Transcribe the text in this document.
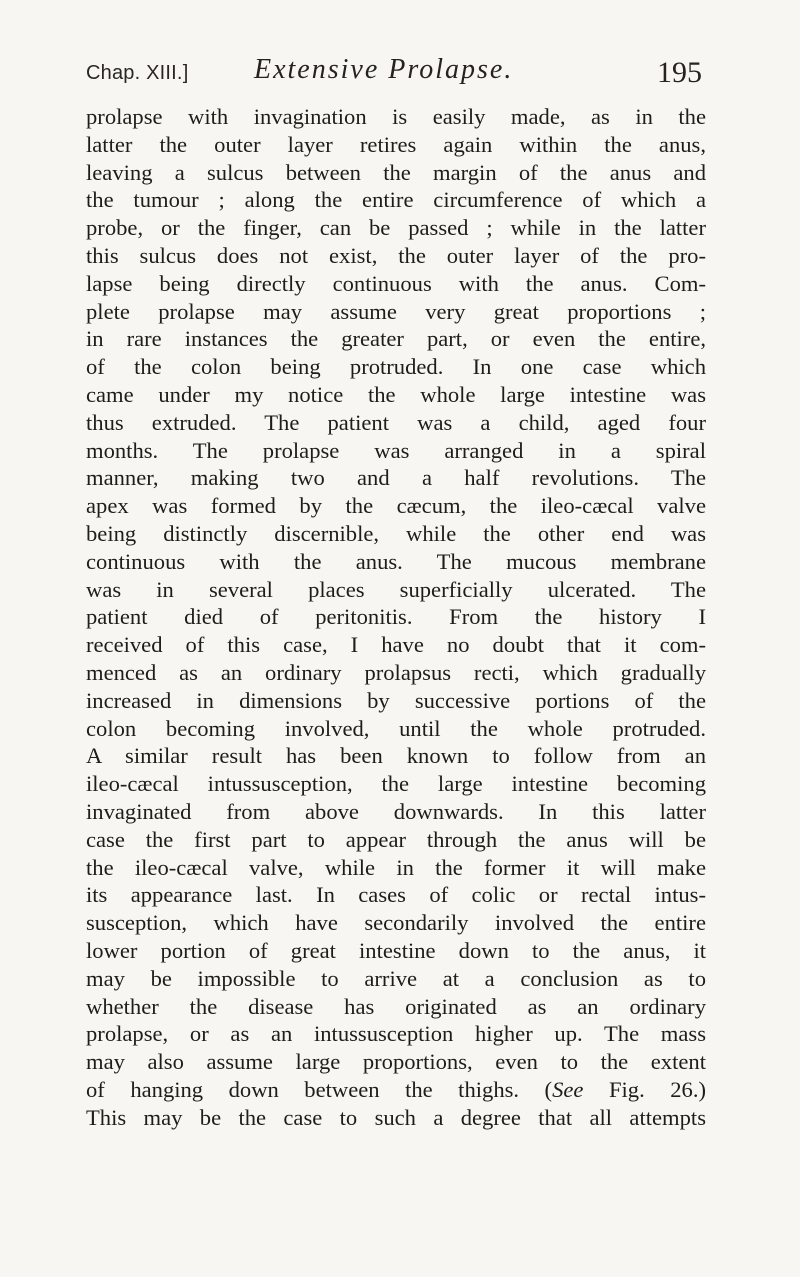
Chap. XIII.] Extensive Prolapse.	195
prolapse with invagination is easily made, as in the
latter the outer layer retires again within the anus,
leaving a sulcus between the margin of the anus and
the tumour ; along the entire circumference of which a
probe, or the finger, can be passed ; while in the latter
this sulcus does not exist, the outer layer of the pro-
lapse being directly continuous with the anus. Com-
plete prolapse may assume very great proportions ;
in rare instances the greater part, or even the entire,
of the colon being protruded. In one case which
came under my notice the whole large intestine was
thus extruded. The patient was a child, aged four
months. The prolapse was arranged in a spiral
manner, making two and a half revolutions. The
apex was formed by the cæcum, the ileo-cæcal valve
being distinctly discernible, while the other end was
continuous with the anus. The mucous membrane
was in several places superficially ulcerated. The
patient died of peritonitis. From the history I
received of this case, I have no doubt that it com-
menced as an ordinary prolapsus recti, which gradually
increased in dimensions by successive portions of the
colon becoming involved, until the whole protruded.
A similar result has been known to follow from an
ileo-cæcal intussusception, the large intestine becoming
invaginated from above downwards. In this latter
case the first part to appear through the anus will be
the ileo-cæcal valve, while in the former it will make
its appearance last. In cases of colic or rectal intus-
susception, which have secondarily involved the entire
lower portion of great intestine down to the anus, it
may be impossible to arrive at a conclusion as to
whether the disease has originated as an ordinary
prolapse, or as an intussusception higher up. The mass
may also assume large proportions, even to the extent
of hanging down between the thighs. (See Fig. 26.)
This may be the case to such a degree that all attempts
